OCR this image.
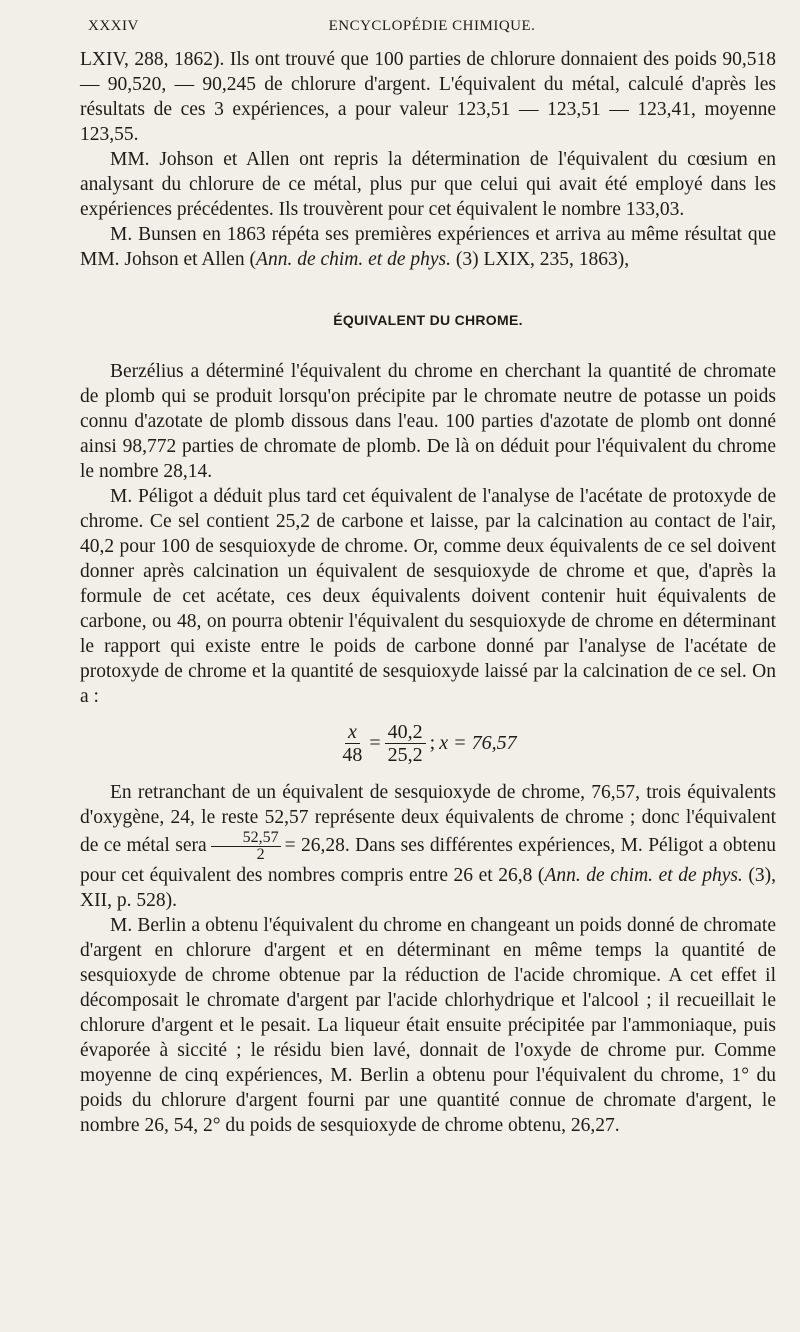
XXXIV	ENCYCLOPÉDIE CHIMIQUE.

LXIV, 288, 1862). Ils ont trouvé que 100 parties de chlorure donnaient des poids 90,518 — 90,520, — 90,245 de chlorure d'argent. L'équivalent du métal, calculé d'après les résultats de ces 3 expériences, a pour valeur 123,51 — 123,51 — 123,41, moyenne 123,55.

MM. Johson et Allen ont repris la détermination de l'équivalent du cœsium en analysant du chlorure de ce métal, plus pur que celui qui avait été employé dans les expériences précédentes. Ils trouvèrent pour cet équivalent le nombre 133,03.

M. Bunsen en 1863 répéta ses premières expériences et arriva au même résultat que MM. Johson et Allen (Ann. de chim. et de phys. (3) LXIX, 235, 1863),

ÉQUIVALENT DU CHROME.

Berzélius a déterminé l'équivalent du chrome en cherchant la quantité de chromate de plomb qui se produit lorsqu'on précipite par le chromate neutre de potasse un poids connu d'azotate de plomb dissous dans l'eau. 100 parties d'azotate de plomb ont donné ainsi 98,772 parties de chromate de plomb. De là on déduit pour l'équivalent du chrome le nombre 28,14.

M. Péligot a déduit plus tard cet équivalent de l'analyse de l'acétate de protoxyde de chrome. Ce sel contient 25,2 de carbone et laisse, par la calcination au contact de l'air, 40,2 pour 100 de sesquioxyde de chrome. Or, comme deux équivalents de ce sel doivent donner après calcination un équivalent de sesquioxyde de chrome et que, d'après la formule de cet acétate, ces deux équivalents doivent contenir huit équivalents de carbone, ou 48, on pourra obtenir l'équivalent du sesquioxyde de chrome en déterminant le rapport qui existe entre le poids de carbone donné par l'analyse de l'acétate de protoxyde de chrome et la quantité de sesquioxyde laissé par la calcination de ce sel. On a :

$\frac{x}{48} = \frac{40,2}{25,2}$ ; x = 76,57

En retranchant de un équivalent de sesquioxyde de chrome, 76,57, trois équivalents d'oxygène, 24, le reste 52,57 représente deux équivalents de chrome ; donc l'équivalent de ce métal sera $\frac{52,57}{2} = 26,28$. Dans ses différentes expériences, M. Péligot a obtenu pour cet équivalent des nombres compris entre 26 et 26,8 (Ann. de chim. et de phys. (3), XII, p. 528).

M. Berlin a obtenu l'équivalent du chrome en changeant un poids donné de chromate d'argent en chlorure d'argent et en déterminant en même temps la quantité de sesquioxyde de chrome obtenue par la réduction de l'acide chromique. A cet effet il décomposait le chromate d'argent par l'acide chlorhydrique et l'alcool ; il recueillait le chlorure d'argent et le pesait. La liqueur était ensuite précipitée par l'ammoniaque, puis évaporée à siccité ; le résidu bien lavé, donnait de l'oxyde de chrome pur. Comme moyenne de cinq expériences, M. Berlin a obtenu pour l'équivalent du chrome, 1° du poids du chlorure d'argent fourni par une quantité connue de chromate d'argent, le nombre 26, 54, 2° du poids de sesquioxyde de chrome obtenu, 26,27.
